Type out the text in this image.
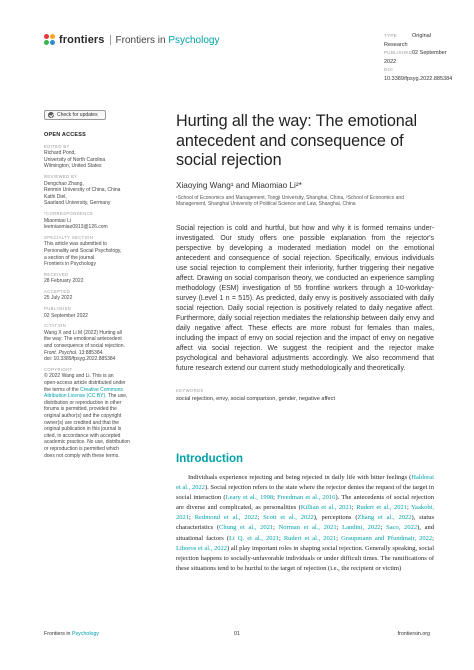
frontiers Frontiers in Psychology	TYPE	Original Research
PUBLISHED02 September 2022
DOI10.3389/fpsyg.2022.885384
Check for updates
OPEN ACCESS
EDITED BY
Richard Pond,
University of North Carolina
Wilmington, United States
REVIEWED BY
Dengchao Zhang,
Renmin University of China, China
Kathi Diel,
Saarland University, Germany
*CORRESPONDENCE
Miaomiao Li
leemiaomiao0913@126.com
SPECIALTY SECTION
This article was submitted to
Personality and Social Psychology,
a section of the journal
Frontiers in Psychology
RECEIVED
28 February 2022
ACCEPTED
25 July 2022
PUBLISHED
02 September 2022
CITATION
Wang X and Li M (2022) Hurting all
the way: The emotional antecedent
and consequence of social rejection.
Front. Psychol. 13:885384.
doi: 10.3389/fpsyg.2022.885384
COPYRIGHT
© 2022 Wang and Li. This is an
open-access article distributed under
the terms of the Creative Commons
Attribution License (CC BY). The use,
distribution or reproduction in other
forums is permitted, provided the
original author(s) and the copyright
owner(s) are credited and that the
original publication in this journal is
cited, in accordance with accepted
academic practice. No use, distribution
or reproduction is permitted which
does not comply with these terms.
Hurting all the way: The emotional antecedent and consequence of social rejection
Xiaoying Wang¹ and Miaomiao Li²*
¹School of Economics and Management, Tongji University, Shanghai, China, ²School of Economics and Management, Shanghai University of Political Science and Law, Shanghai, China

Social rejection is cold and hurtful, but how and why it is formed remains under-investigated. Our study offers one possible explanation from the rejector's perspective by developing a moderated mediation model on the emotional antecedent and consequence of social rejection. Specifically, envious individuals use social rejection to complement their inferiority, further triggering their negative affect. Drawing on social comparison theory, we conducted an experience sampling methodology (ESM) investigation of 55 frontline workers through a 10-workday-survey (Level 1 n = 515). As predicted, daily envy is positively associated with daily social rejection. Daily social rejection is positively related to daily negative affect. Furthermore, daily social rejection mediates the relationship between daily envy and daily negative affect. These effects are more robust for females than males, including the impact of envy on social rejection and the impact of envy on negative affect via social rejection. We suggest the recipient and the rejector make psychological and behavioral adjustments accordingly. We also recommend that future research extend our current study methodologically and theoretically.

KEYWORDS
social rejection, envy, social comparison, gender, negative affect
Introduction

Individuals experience rejecting and being rejected in daily life with bitter feelings (Haldorai et al., 2022). Social rejection refers to the state where the rejector denies the request of the target in social interaction (Leary et al., 1998; Freedman et al., 2016). The antecedents of social rejection are diverse and complicated, as personalities (Killian et al., 2021; Rudert et al., 2021; Yaakobi, 2021; Redmond et al., 2022; Scott et al., 2022), perceptions (Zhang et al., 2022), status characteristics (Chung et al., 2021; Norman et al., 2021; Landini, 2022; Saco, 2022), and situational factors (Li Q. et al., 2021; Rudert et al., 2021; Graupmann and Pfundmair, 2022; Liboros et al., 2022) all play important roles in shaping social rejection. Generally speaking, social rejection happens to socially-unfavorable individuals or under difficult times. The ramifications of these situations tend to be hurtful to the target of rejection (i.e., the recipient or victim)

Frontiers in Psychology	01	frontiersin.org
